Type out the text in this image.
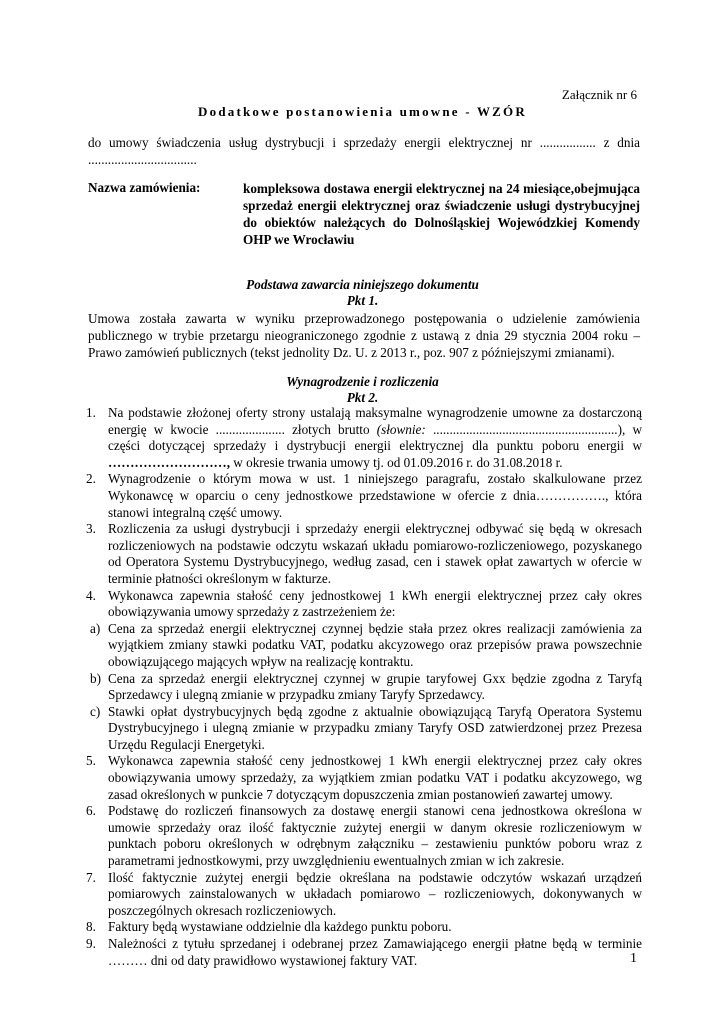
Załącznik nr 6
Dodatkowe postanowienia umowne - WZÓR
do umowy świadczenia usług dystrybucji i sprzedaży energii elektrycznej nr ................. z dnia .................................
Nazwa zamówienia:	kompleksowa dostawa energii elektrycznej na 24 miesiące,obejmująca sprzedaż energii elektrycznej oraz świadczenie usługi dystrybucyjnej do obiektów należących do Dolnośląskiej Wojewódzkiej Komendy OHP we Wrocławiu
Podstawa zawarcia niniejszego dokumentu
Pkt 1.
Umowa została zawarta w wyniku przeprowadzonego postępowania o udzielenie zamówienia publicznego w trybie przetargu nieograniczonego zgodnie z ustawą z dnia 29 stycznia 2004 roku – Prawo zamówień publicznych (tekst jednolity Dz. U. z 2013 r., poz. 907 z późniejszymi zmianami).
Wynagrodzenie i rozliczenia
Pkt 2.
1. Na podstawie złożonej oferty strony ustalają maksymalne wynagrodzenie umowne za dostarczoną energię w kwocie ..................... złotych brutto (słownie: ........................................................), w części dotyczącej sprzedaży i dystrybucji energii elektrycznej dla punktu poboru energii w ………………………, w okresie trwania umowy tj. od 01.09.2016 r. do 31.08.2018 r.
2. Wynagrodzenie o którym mowa w ust. 1 niniejszego paragrafu, zostało skalkulowane przez Wykonawcę w oparciu o ceny jednostkowe przedstawione w ofercie z dnia……………., która stanowi integralną część umowy.
3. Rozliczenia za usługi dystrybucji i sprzedaży energii elektrycznej odbywać się będą w okresach rozliczeniowych na podstawie odczytu wskazań układu pomiarowo-rozliczeniowego, pozyskanego od Operatora Systemu Dystrybucyjnego, według zasad, cen i stawek opłat zawartych w ofercie w terminie płatności określonym w fakturze.
4. Wykonawca zapewnia stałość ceny jednostkowej 1 kWh energii elektrycznej przez cały okres obowiązywania umowy sprzedaży z zastrzeżeniem że:
a) Cena za sprzedaż energii elektrycznej czynnej będzie stała przez okres realizacji zamówienia za wyjątkiem zmiany stawki podatku VAT, podatku akcyzowego oraz przepisów prawa powszechnie obowiązującego mających wpływ na realizację kontraktu.
b) Cena za sprzedaż energii elektrycznej czynnej w grupie taryfowej Gxx będzie zgodna z Taryfą Sprzedawcy i ulegną zmianie w przypadku zmiany Taryfy Sprzedawcy.
c) Stawki opłat dystrybucyjnych będą zgodne z aktualnie obowiązującą Taryfą Operatora Systemu Dystrybucyjnego i ulegną zmianie w przypadku zmiany Taryfy OSD zatwierdzonej przez Prezesa Urzędu Regulacji Energetyki.
5. Wykonawca zapewnia stałość ceny jednostkowej 1 kWh energii elektrycznej przez cały okres obowiązywania umowy sprzedaży, za wyjątkiem zmian podatku VAT i podatku akcyzowego, wg zasad określonych w punkcie 7 dotyczącym dopuszczenia zmian postanowień zawartej umowy.
6. Podstawę do rozliczeń finansowych za dostawę energii stanowi cena jednostkowa określona w umowie sprzedaży oraz ilość faktycznie zużytej energii w danym okresie rozliczeniowym w punktach poboru określonych w odrębnym załączniku – zestawieniu punktów poboru wraz z parametrami jednostkowymi, przy uwzględnieniu ewentualnych zmian w ich zakresie.
7. Ilość faktycznie zużytej energii będzie określana na podstawie odczytów wskazań urządzeń pomiarowych zainstalowanych w układach pomiarowo – rozliczeniowych, dokonywanych w poszczególnych okresach rozliczeniowych.
8. Faktury będą wystawiane oddzielnie dla każdego punktu poboru.
9. Należności z tytułu sprzedanej i odebranej przez Zamawiającego energii płatne będą w terminie ……… dni od daty prawidłowo wystawionej faktury VAT.	1
